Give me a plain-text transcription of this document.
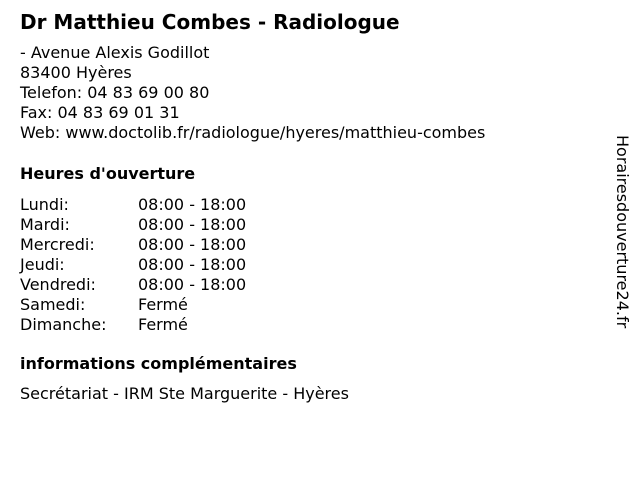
Dr Matthieu Combes - Radiologue
- Avenue Alexis Godillot
83400 Hyères
Telefon: 04 83 69 00 80
Fax: 04 83 69 01 31
Web: www.doctolib.fr/radiologue/hyeres/matthieu-combes
Heures d'ouverture
Lundi:	08:00 - 18:00
Mardi:	08:00 - 18:00
Mercredi:	08:00 - 18:00
Jeudi:	08:00 - 18:00
Vendredi:	08:00 - 18:00
Samedi:	Fermé
Dimanche: Fermé
informations complémentaires
Secrétariat - IRM Ste Marguerite - Hyères
Horairesdouverture24.fr
